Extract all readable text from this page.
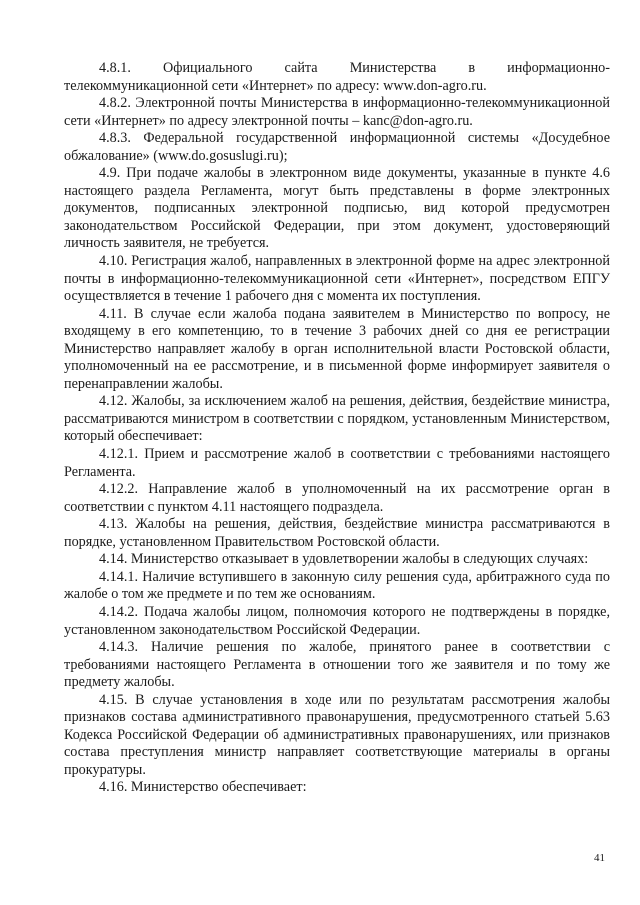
4.8.1. Официального сайта Министерства в информационно-телекоммуникационной сети «Интернет» по адресу: www.don-agro.ru.

4.8.2. Электронной почты Министерства в информационно-телекоммуникационной сети «Интернет» по адресу электронной почты – kanc@don-agro.ru.

4.8.3. Федеральной государственной информационной системы «Досудебное обжалование» (www.do.gosuslugi.ru);

4.9. При подаче жалобы в электронном виде документы, указанные в пункте 4.6 настоящего раздела Регламента, могут быть представлены в форме электронных документов, подписанных электронной подписью, вид которой предусмотрен законодательством Российской Федерации, при этом документ, удостоверяющий личность заявителя, не требуется.

4.10. Регистрация жалоб, направленных в электронной форме на адрес электронной почты в информационно-телекоммуникационной сети «Интернет», посредством ЕПГУ осуществляется в течение 1 рабочего дня с момента их поступления.

4.11. В случае если жалоба подана заявителем в Министерство по вопросу, не входящему в его компетенцию, то в течение 3 рабочих дней со дня ее регистрации Министерство направляет жалобу в орган исполнительной власти Ростовской области, уполномоченный на ее рассмотрение, и в письменной форме информирует заявителя о перенаправлении жалобы.

4.12. Жалобы, за исключением жалоб на решения, действия, бездействие министра, рассматриваются министром в соответствии с порядком, установленным Министерством, который обеспечивает:

4.12.1. Прием и рассмотрение жалоб в соответствии с требованиями настоящего Регламента.

4.12.2. Направление жалоб в уполномоченный на их рассмотрение орган в соответствии с пунктом 4.11 настоящего подраздела.

4.13. Жалобы на решения, действия, бездействие министра рассматриваются в порядке, установленном Правительством Ростовской области.

4.14. Министерство отказывает в удовлетворении жалобы в следующих случаях:

4.14.1. Наличие вступившего в законную силу решения суда, арбитражного суда по жалобе о том же предмете и по тем же основаниям.

4.14.2. Подача жалобы лицом, полномочия которого не подтверждены в порядке, установленном законодательством Российской Федерации.

4.14.3. Наличие решения по жалобе, принятого ранее в соответствии с требованиями настоящего Регламента в отношении того же заявителя и по тому же предмету жалобы.

4.15. В случае установления в ходе или по результатам рассмотрения жалобы признаков состава административного правонарушения, предусмотренного статьей 5.63 Кодекса Российской Федерации об административных правонарушениях, или признаков состава преступления министр направляет соответствующие материалы в органы прокуратуры.

4.16. Министерство обеспечивает:

41
